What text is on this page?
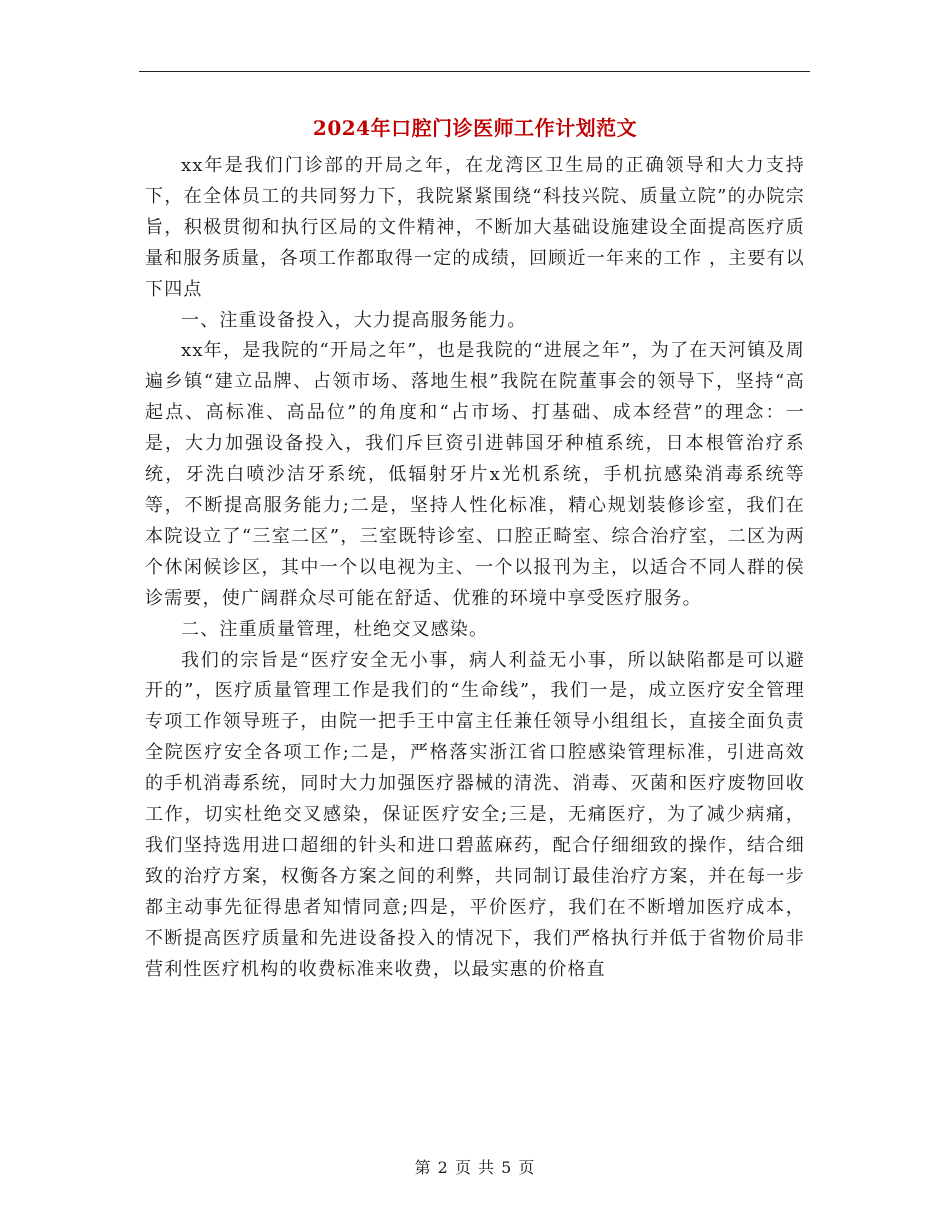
2024年口腔门诊医师工作计划范文

xx年是我们门诊部的开局之年，在龙湾区卫生局的正确领导和大力支持下，在全体员工的共同努力下，我院紧紧围绕“科技兴院、质量立院”的办院宗旨，积极贯彻和执行区局的文件精神，不断加大基础设施建设全面提高医疗质量和服务质量，各项工作都取得一定的成绩，回顾近一年来的工作 ，主要有以下四点

一、注重设备投入，大力提高服务能力。

xx年，是我院的“开局之年”，也是我院的“进展之年”，为了在天河镇及周遍乡镇“建立品牌、占领市场、落地生根”我院在院董事会的领导下，坚持“高起点、高标准、高品位”的角度和“占市场、打基础、成本经营”的理念：一是，大力加强设备投入，我们斥巨资引进韩国牙种植系统，日本根管治疗系统，牙洗白喷沙洁牙系统，低辐射牙片x光机系统，手机抗感染消毒系统等等，不断提高服务能力;二是，坚持人性化标准，精心规划装修诊室，我们在本院设立了“三室二区”，三室既特诊室、口腔正畸室、综合治疗室，二区为两个休闲候诊区，其中一个以电视为主、一个以报刊为主，以适合不同人群的侯诊需要，使广阔群众尽可能在舒适、优雅的环境中享受医疗服务。

二、注重质量管理，杜绝交叉感染。

我们的宗旨是“医疗安全无小事，病人利益无小事，所以缺陷都是可以避开的”，医疗质量管理工作是我们的“生命线”，我们一是，成立医疗安全管理专项工作领导班子，由院一把手王中富主任兼任领导小组组长，直接全面负责全院医疗安全各项工作;二是，严格落实浙江省口腔感染管理标准，引进高效的手机消毒系统，同时大力加强医疗器械的清洗、消毒、灭菌和医疗废物回收工作，切实杜绝交叉感染，保证医疗安全;三是，无痛医疗，为了减少病痛，我们坚持选用进口超细的针头和进口碧蓝麻药，配合仔细细致的操作，结合细致的治疗方案，权衡各方案之间的利弊，共同制订最佳治疗方案，并在每一步都主动事先征得患者知情同意;四是，平价医疗，我们在不断增加医疗成本，不断提高医疗质量和先进设备投入的情况下，我们严格执行并低于省物价局非营利性医疗机构的收费标准来收费，以最实惠的价格直

第 2 页 共 5 页
